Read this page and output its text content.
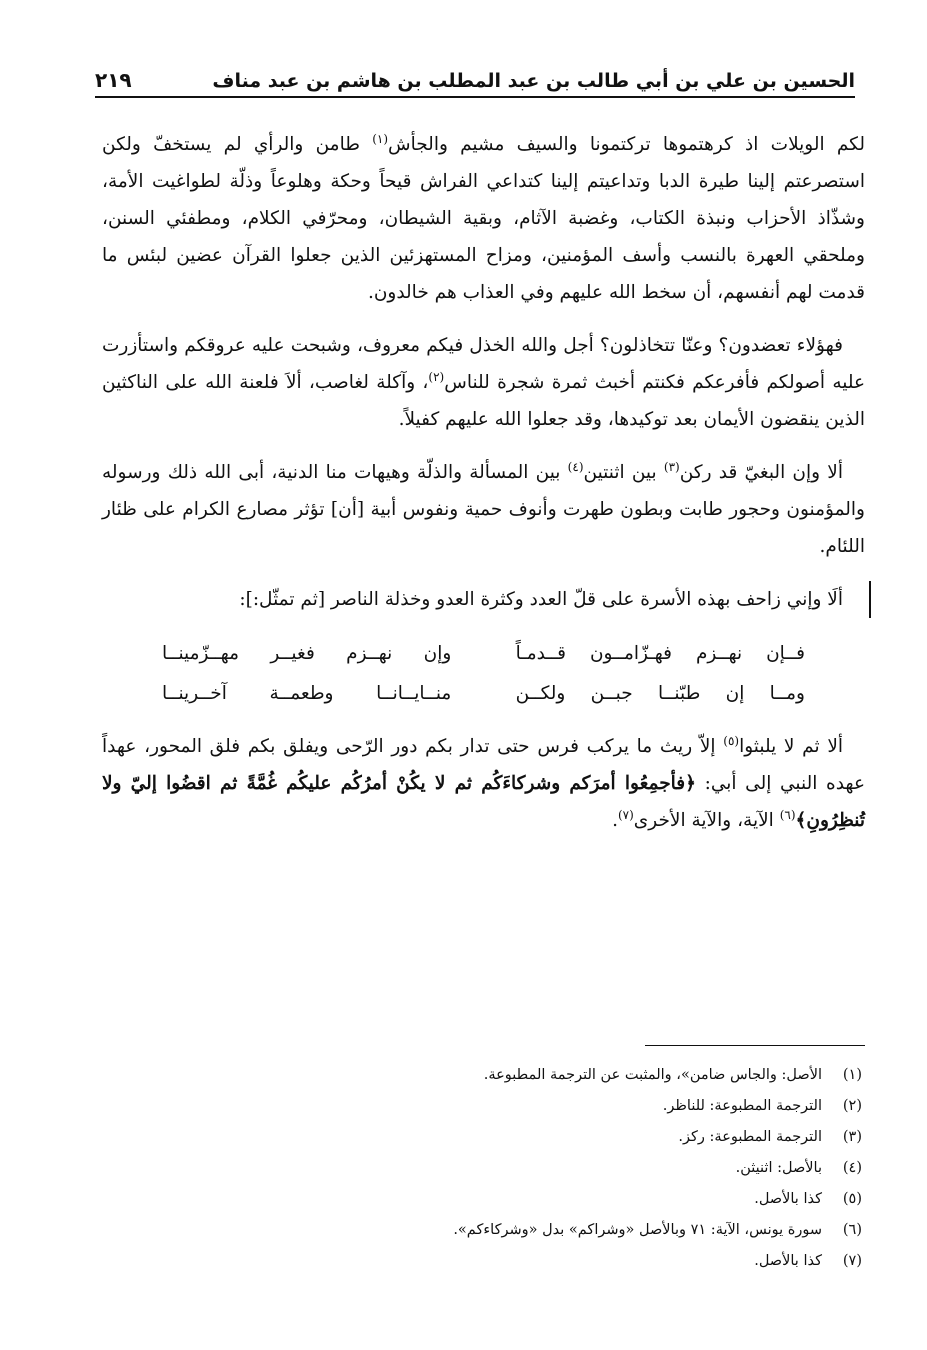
الحسين بن علي بن أبي طالب بن عبد المطلب بن هاشم بن عبد مناف
٢١٩

لكم الويلات اذ كرهتموها تركتمونا والسيف مشيم والجأش$^{(١)}$ طامن والرأي لم يستخفّ ولكن استصرعتم إلينا طيرة الدبا وتداعيتم إلينا كتداعي الفراش قيحاً وحكة وهلوعاً وذلّة لطواغيت الأمة، وشذّاذ الأحزاب ونبذة الكتاب، وغضبة الآثام، وبقية الشيطان، ومحرّفي الكلام، ومطفئي السنن، وملحقي العهرة بالنسب وأسف المؤمنين، ومزاح المستهزئين الذين جعلوا القرآن عضين لبئس ما قدمت لهم أنفسهم، أن سخط الله عليهم وفي العذاب هم خالدون.

فهؤلاء تعضدون؟ وعنّا تتخاذلون؟ أجل والله الخذل فيكم معروف، وشبحت عليه عروقكم واستأزرت عليه أصولكم فأفرعكم فكنتم أخبث ثمرة شجرة للناس$^{(٢)}$، وآكلة لغاصب، ألاَ فلعنة الله على الناكثين الذين ينقضون الأيمان بعد توكيدها، وقد جعلوا الله عليهم كفيلاً.

ألا وإن البغيّ قد ركن$^{(٣)}$ بين اثنتين$^{(٤)}$ بين المسألة والذلّة وهيهات منا الدنية، أبى الله ذلك ورسوله والمؤمنون وحجور طابت وبطون طهرت وأنوف حمية ونفوس أبية [أن] تؤثر مصارع الكرام على ظئار اللئام.

ألَا وإني زاحف بهذه الأسرة على قلّ العدد وكثرة العدو وخذلة الناصر [ثم تمثّل:]:

فــإن نهــزم فهـزّامــون قــدمـاً
وإن نهــزم فغيــر مهــزّمينــا
ومــا إن طبّنــا جبــن ولكــن
منــايــانــا وطعمــة آخــرينــا

ألا ثم لا يلبثوا$^{(٥)}$ إلاّ ريث ما يركب فرس حتى تدار بكم دور الرّحى ويفلق بكم فلق المحور، عهداً عهده النبي إلى أبي: ﴿فأجمِعُوا أمرَكم وشركاءَكُم ثم لا يكُنْ أمرُكُم عليكُم غُمَّةً ثم اقضُوا إليّ ولا تُنظِرُونِ﴾$^{(٦)}$ الآية، والآية الأخرى$^{(٧)}$.

(١)
الأصل: والجاس ضامن»، والمثبت عن الترجمة المطبوعة.
(٢)
الترجمة المطبوعة: للناظر.
(٣)
الترجمة المطبوعة: ركز.
(٤)
بالأصل: اثنيثن.
(٥)
كذا بالأصل.
(٦)
سورة يونس، الآية: ٧١ وبالأصل «وشراكم» بدل «وشركاءكم».
(٧)
كذا بالأصل.
